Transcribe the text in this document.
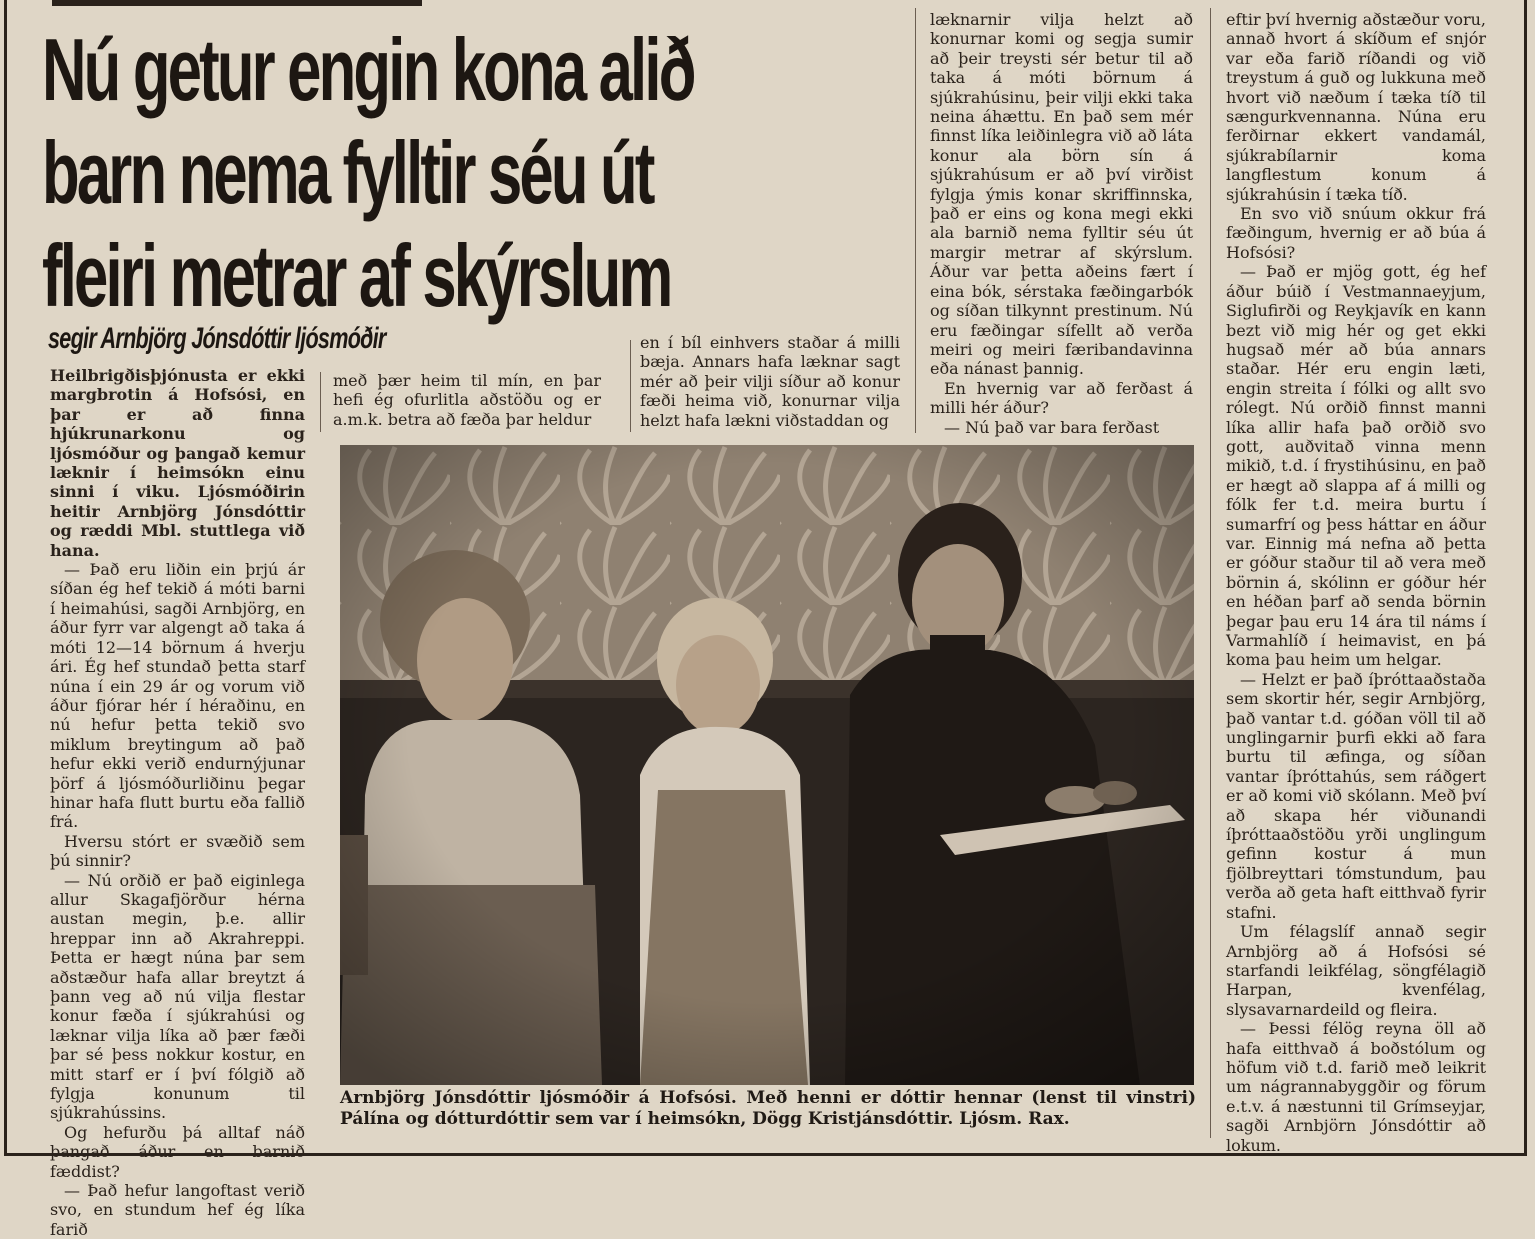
Nú getur engin kona alið
barn nema fylltir séu út
fleiri metrar af skýrslum
segir Arnbjörg Jónsdóttir ljósmóðir

Heilbrigðisþjónusta er ekki margbrotin á Hofsósi, en þar er að finna hjúkrunarkonu og ljósmóður og þangað kemur læknir í heimsókn einu sinni í viku. Ljósmóðirin heitir Arnbjörg Jónsdóttir og ræddi Mbl. stuttlega við hana.

— Það eru liðin ein þrjú ár síðan ég hef tekið á móti barni í heimahúsi, sagði Arnbjörg, en áður fyrr var algengt að taka á móti 12—14 börnum á hverju ári. Ég hef stundað þetta starf núna í ein 29 ár og vorum við áður fjórar hér í héraðinu, en nú hefur þetta tekið svo miklum breytingum að það hefur ekki verið endurnýjunar þörf á ljósmóðurliðinu þegar hinar hafa flutt burtu eða fallið frá.

Hversu stórt er svæðið sem þú sinnir?

— Nú orðið er það eiginlega allur Skagafjörður hérna austan megin, þ.e. allir hreppar inn að Akrahreppi. Þetta er hægt núna þar sem aðstæður hafa allar breytzt á þann veg að nú vilja flestar konur fæða í sjúkrahúsi og læknar vilja líka að þær fæði þar sé þess nokkur kostur, en mitt starf er í því fólgið að fylgja konunum til sjúkrahússins.

Og hefurðu þá alltaf náð þangað áður en barnið fæddist?

— Það hefur langoftast verið svo, en stundum hef ég líka farið

með þær heim til mín, en þar hefi ég ofurlitla aðstöðu og er a.m.k. betra að fæða þar heldur

en í bíl einhvers staðar á milli bæja. Annars hafa læknar sagt mér að þeir vilji síður að konur fæði heima við, konurnar vilja helzt hafa lækni viðstaddan og

læknarnir vilja helzt að konurnar komi og segja sumir að þeir treysti sér betur til að taka á móti börnum á sjúkrahúsinu, þeir vilji ekki taka neina áhættu. En það sem mér finnst líka leiðinlegra við að láta konur ala börn sín á sjúkrahúsum er að því virðist fylgja ýmis konar skriffinnska, það er eins og kona megi ekki ala barnið nema fylltir séu út margir metrar af skýrslum. Áður var þetta aðeins fært í eina bók, sérstaka fæðingarbók og síðan tilkynnt prestinum. Nú eru fæðingar sífellt að verða meiri og meiri færibandavinna eða nánast þannig.

En hvernig var að ferðast á milli hér áður?

— Nú það var bara ferðast

eftir því hvernig aðstæður voru, annað hvort á skíðum ef snjór var eða farið ríðandi og við treystum á guð og lukkuna með hvort við næðum í tæka tíð til sængurkvennanna. Núna eru ferðirnar ekkert vandamál, sjúkrabílarnir koma langflestum konum á sjúkrahúsin í tæka tíð.

En svo við snúum okkur frá fæðingum, hvernig er að búa á Hofsósi?

— Það er mjög gott, ég hef áður búið í Vestmannaeyjum, Siglufirði og Reykjavík en kann bezt við mig hér og get ekki hugsað mér að búa annars staðar. Hér eru engin læti, engin streita í fólki og allt svo rólegt. Nú orðið finnst manni líka allir hafa það orðið svo gott, auðvitað vinna menn mikið, t.d. í frystihúsinu, en það er hægt að slappa af á milli og fólk fer t.d. meira burtu í sumarfrí og þess háttar en áður var. Einnig má nefna að þetta er góður staður til að vera með börnin á, skólinn er góður hér en héðan þarf að senda börnin þegar þau eru 14 ára til náms í Varmahlíð í heimavist, en þá koma þau heim um helgar.

— Helzt er það íþróttaaðstaða sem skortir hér, segir Arnbjörg, það vantar t.d. góðan völl til að unglingarnir þurfi ekki að fara burtu til æfinga, og síðan vantar íþróttahús, sem ráðgert er að komi við skólann. Með því að skapa hér viðunandi íþróttaaðstöðu yrði unglingum gefinn kostur á mun fjölbreyttari tómstundum, þau verða að geta haft eitthvað fyrir stafni.

Um félagslíf annað segir Arnbjörg að á Hofsósi sé starfandi leikfélag, söngfélagið Harpan, kvenfélag, slysavarnardeild og fleira.

— Þessi félög reyna öll að hafa eitthvað á boðstólum og höfum við t.d. farið með leikrit um nágrannabyggðir og förum e.t.v. á næstunni til Grímseyjar, sagði Arnbjörn Jónsdóttir að lokum.

Arnbjörg Jónsdóttir ljósmóðir á Hofsósi. Með henni er dóttir hennar (lenst til vinstri) Pálína og dótturdóttir sem var í heimsókn, Dögg Kristjánsdóttir. Ljósm. Rax.
